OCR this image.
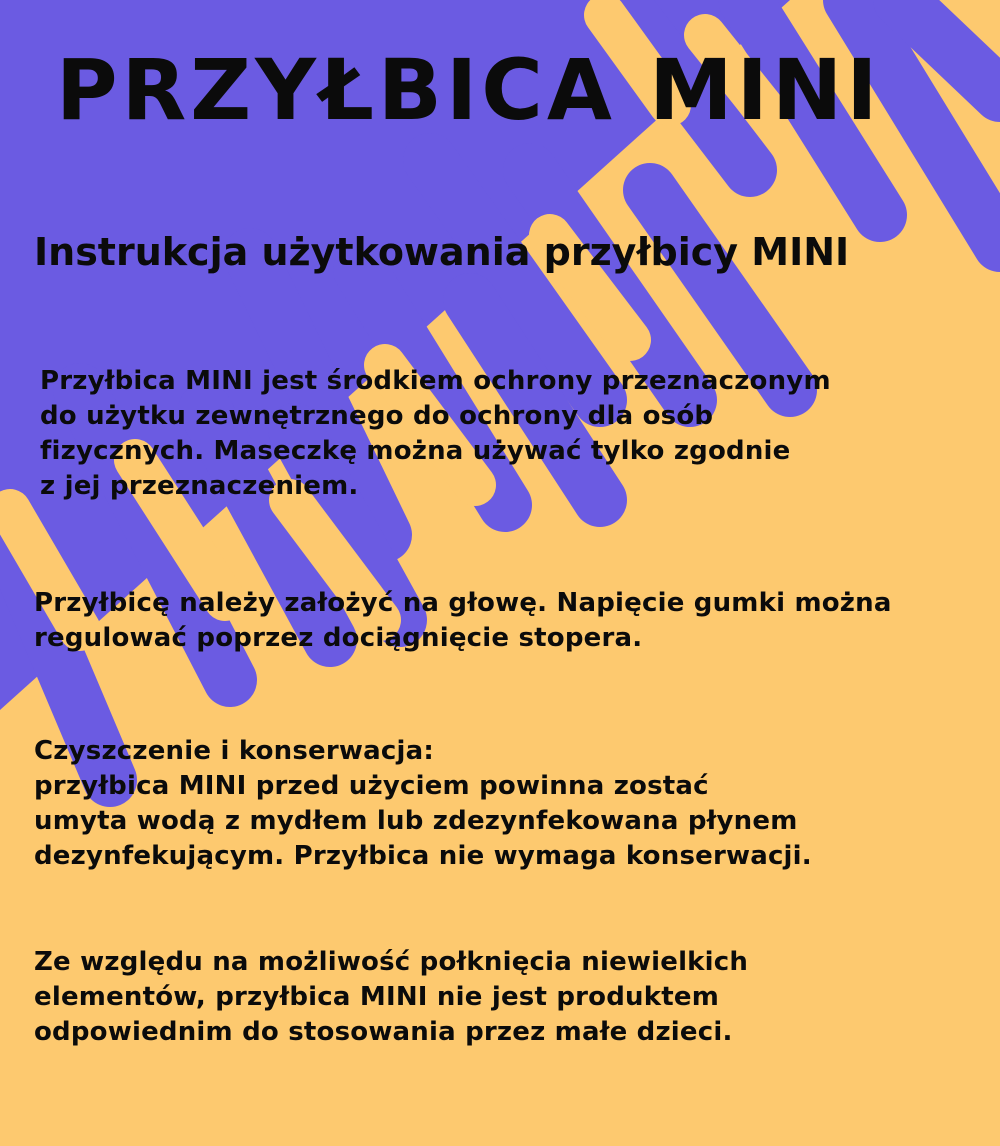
PRZYŁBICA MINI
Instrukcja użytkowania przyłbicy MINI

Przyłbica MINI jest środkiem ochrony przeznaczonym
do użytku zewnętrznego do ochrony dla osób
fizycznych. Maseczkę można używać tylko zgodnie
z jej przeznaczeniem.

Przyłbicę należy założyć na głowę. Napięcie gumki można
regulować poprzez dociągnięcie stopera.

Czyszczenie i konserwacja:
przyłbica MINI przed użyciem powinna zostać
umyta wodą z mydłem lub zdezynfekowana płynem
dezynfekującym. Przyłbica nie wymaga konserwacji.

Ze względu na możliwość połknięcia niewielkich
elementów, przyłbica MINI nie jest produktem
odpowiednim do stosowania przez małe dzieci.
